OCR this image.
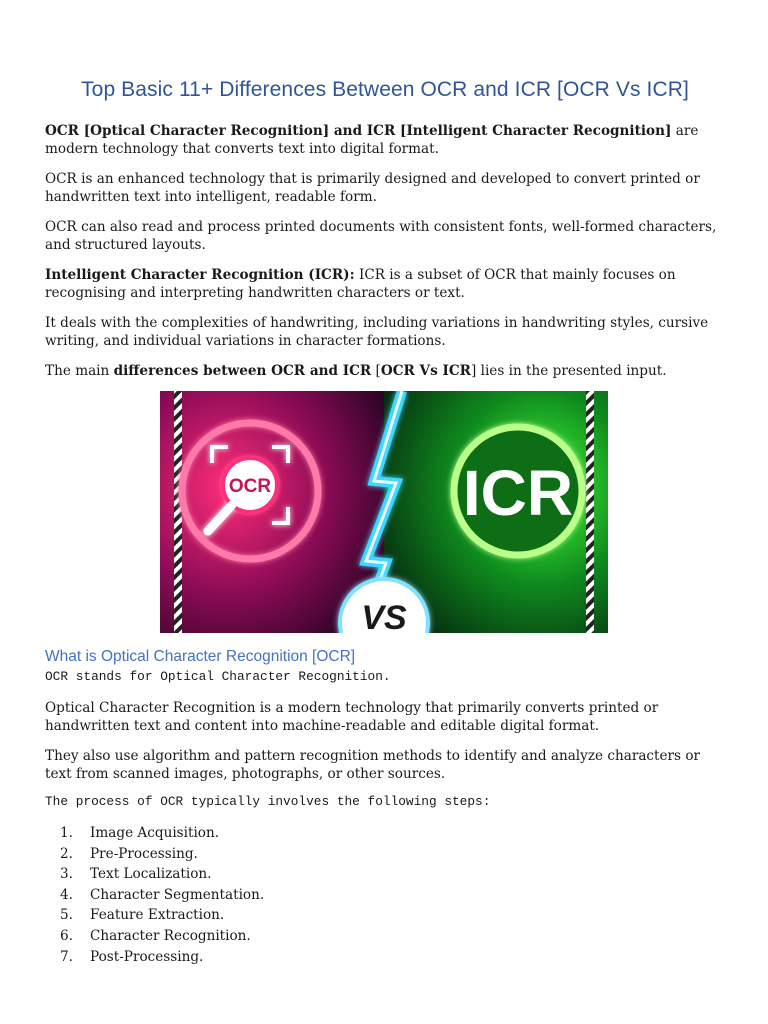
Top Basic 11+ Differences Between OCR and ICR [OCR Vs ICR]

OCR [Optical Character Recognition] and ICR [Intelligent Character Recognition] are modern technology that converts text into digital format.

OCR is an enhanced technology that is primarily designed and developed to convert printed or handwritten text into intelligent, readable form.

OCR can also read and process printed documents with consistent fonts, well-formed characters, and structured layouts.

Intelligent Character Recognition (ICR): ICR is a subset of OCR that mainly focuses on recognising and interpreting handwritten characters or text.

It deals with the complexities of handwriting, including variations in handwriting styles, cursive writing, and individual variations in character formations.

The main differences between OCR and ICR [OCR Vs ICR] lies in the presented input.

OCR	ICR
VS
What is Optical Character Recognition [OCR]
OCR stands for Optical Character Recognition.

Optical Character Recognition is a modern technology that primarily converts printed or handwritten text and content into machine-readable and editable digital format.

They also use algorithm and pattern recognition methods to identify and analyze characters or text from scanned images, photographs, or other sources.

The process of OCR typically involves the following steps:
1. Image Acquisition.
2. Pre-Processing.
3. Text Localization.
4. Character Segmentation.
5. Feature Extraction.
6. Character Recognition.
7. Post-Processing.
